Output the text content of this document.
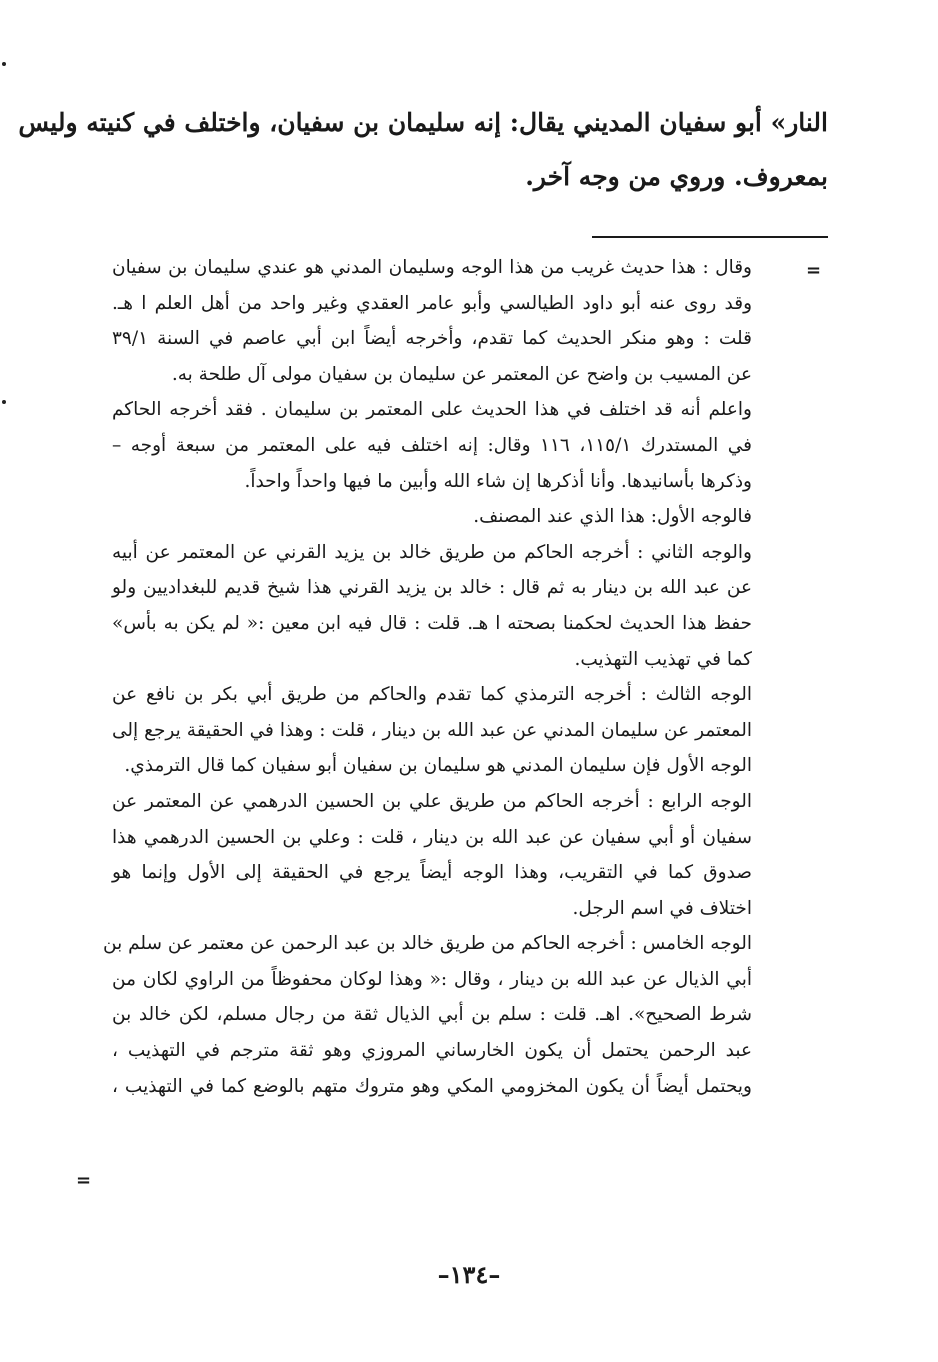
النار» أبو سفيان المديني يقال: إنه سليمان بن سفيان، واختلف في كنيته وليس
بمعروف. وروي من وجه آخر.
=
وقال : هذا حديث غريب من هذا الوجه وسليمان المدني هو عندي سليمان بن سفيان
وقد روى عنه أبو داود الطيالسي وأبو عامر العقدي وغير واحد من أهل العلم ا هـ.
قلت : وهو منكر الحديث كما تقدم، وأخرجه أيضاً ابن أبي عاصم في السنة ٣٩/١
عن المسيب بن واضح عن المعتمر عن سليمان بن سفيان مولى آل طلحة به.
واعلم أنه قد اختلف في هذا الحديث على المعتمر بن سليمان . فقد أخرجه الحاكم
في المستدرك ١١٥/١، ١١٦ وقال: إنه اختلف فيه على المعتمر من سبعة أوجه –
وذكرها بأسانيدها. وأنا أذكرها إن شاء الله وأبين ما فيها واحداً واحداً.
فالوجه الأول: هذا الذي عند المصنف.
والوجه الثاني : أخرجه الحاكم من طريق خالد بن يزيد القرني عن المعتمر عن أبيه
عن عبد الله بن دينار به ثم قال : خالد بن يزيد القرني هذا شيخ قديم للبغداديين ولو
حفظ هذا الحديث لحكمنا بصحته ا هـ. قلت : قال فيه ابن معين :« لم يكن به بأس»
كما في تهذيب التهذيب.
الوجه الثالث : أخرجه الترمذي كما تقدم والحاكم من طريق أبي بكر بن نافع عن
المعتمر عن سليمان المدني عن عبد الله بن دينار ، قلت : وهذا في الحقيقة يرجع إلى
الوجه الأول فإن سليمان المدني هو سليمان بن سفيان أبو سفيان كما قال الترمذي.
الوجه الرابع : أخرجه الحاكم من طريق علي بن الحسين الدرهمي عن المعتمر عن
سفيان أو أبي سفيان عن عبد الله بن دينار ، قلت : وعلي بن الحسين الدرهمي هذا
صدوق كما في التقريب، وهذا الوجه أيضاً يرجع في الحقيقة إلى الأول وإنما هو
اختلاف في اسم الرجل.
الوجه الخامس : أخرجه الحاكم من طريق خالد بن عبد الرحمن عن معتمر عن سلم بن
أبي الذيال عن عبد الله بن دينار ، وقال :« وهذا لوكان محفوظاً من الراوي لكان من
شرط الصحيح». اهـ. قلت : سلم بن أبي الذيال ثقة من رجال مسلم، لكن خالد بن
عبد الرحمن يحتمل أن يكون الخارساني المروزي وهو ثقة مترجم في التهذيب ،
ويحتمل أيضاً أن يكون المخزومي المكي وهو متروك متهم بالوضع كما في التهذيب ،
=
–١٣٤–
